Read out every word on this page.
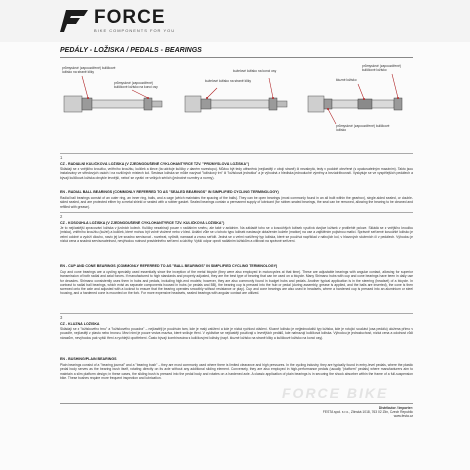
FORCE
BIKE COMPONENTS FOR YOU
PEDÁLY - LOŽISKA / PEDALS - BEARINGS
průmyslové (zapouzdřené) kuličkové ložisko na straně kliky
průmyslové (zapouzdřené) kuličkové ložisko na konci osy
kuželové ložisko na konci osy
kuželové ložisko na straně kliky
průmyslové (zapouzdřené) kuličkové ložisko
kluzné ložisko
průmyslové (zapouzdřené) kuličkové ložisko
1
CZ - RADIÁLNÍ KULIČKOVÁ LOŽISKA (V ZJEDNODUŠENÉ CYKLOHANTÝRCE TZV. "PRŮMYSLOVÁ LOŽISKA")
Skládají se z vnějšího kroužku, vnitřního kroužku, kuliček a klece (ta udržuje kuličky v daném rozestupu). Můžou být tedy utěsněná (nejčastěji v obojí straně) či nezakrytá, tedy v podobě otevřené (s opakovatelným mazáním). Takto jsou instalovány ve středových osách i na rozličných místech kol. Sestava ložiska se může nazývat "ložiskový trn" či "ložisková jednotka" a je výhodná z hlediska jednoduché výměny a bezúdržbovosti. Vyskytuje se ve vyspělejších pedálech a bývají kuličková ložiska obvykle levnější, neboť se vyrábí ve velkých sériích (jednotné rozměry a normy).
EN - RADIAL BALL BEARINGS (COMMONLY REFERRED TO AS "SEALED BEARINGS" IN SIMPLIFIED CYCLING TERMINOLOGY)
Radial ball bearings consist of an outer ring, an inner ring, balls, and a cage (which maintains the spacing of the balls). They can be open bearings (most commonly found in an all built within the gearbox), single-sided sealed, or double-sided sealed, and are protected either by a metal shield or sealed with a rubber gasket. Sealed bearings contain a permanent supply of lubricant (for rubber-sealed bearings, the seal can be removed, allowing the bearing to be cleaned and refilled with grease).
2
CZ - KOSOÚHLÁ LOŽISKA (V ZJEDNODUŠENÉ CYKLOHANTÝRCE TZV. KULIČKOVÁ LOŽISKA")
Je to nejčastější zpracování ložiska v jízdních kolech. Kuličky nezabírají pouze v radiálním směru, ale také v axiálním. Na základě toho se u kosoúhlých ložisek využívá dvojice ložisek v protilehlé poloze. Skládá se z vnějšího kroužku (miska), vnitřního kroužku (kužel) a kuliček, které mohou být volně vložené nebo v kleci. Axiální vůle se u tohoto typu ložisek nastavuje dotažením kužele (matice) na ose a zajištěním pojistnou maticí. Správně seřízené kosoúhlé ložisko je velmi odolné a vydrží dlouho, navíc jej lze snadno servisovat - rozebrat, vyčistit, namazat a znovu seřídit. Jedná se o velmi rozšířený typ ložiska, které se používá například v nábojích kol, v hlavových složeních či v pedálech. Výhodou je nízká cena a snadná servisovatelnost, nevýhodou nutnost pravidelného seřízení a údržby. Vyšší odpor oproti radiálním ložiskům a citlivost na správné seřízení.
EN - CUP AND CONE BEARINGS (COMMONLY REFERRED TO AS "BALL BEARINGS" IN SIMPLIFIED CYCLING TERMINOLOGY)
Cup and cone bearings are a cycling specialty used essentially since the inception of the metal bicycle (they were also employed in motorcycles at that time). These are adjustable bearings with angular contact, allowing for superior transmission of both radial and axial forces. If manufactured to high standards and properly adjusted, they are the best type of bearing that can be used on a bicycle. Many Shimano hubs with cup and cone bearings have been in daily use for decades. Shimano consistently uses them in hubs and pedals, including high-end models; however, they are also commonly found in budget hubs and pedals. Another typical application is in the steering (headset) of a bicycle. In contrast to radial ball bearings, which exist as separate components housed in hubs (or pedals and BB), the bearing cup is pressed into the hub or pedal (during assembly, grease is applied, and the balls are inserted), the cone is then screwed onto the axle and adjusted with a locknut to ensure that the bearing operates smoothly without resistance or play). Cup and cone bearings are also used in headsets, where a hardened cup is pressed into an aluminium or steel housing, and a hardened cone is mounted on the fork. For more expensive headsets, sealed bearings with angular contact are utilized.
3
CZ - KLUZNÁ LOŽISKA
Skládají se z "ložiskového trnu" a "ložiskového pouzdra" – nejčastěji je používán tam, kde je malý zatížení a kde je nízká rychlost otáčení. Kluzné ložisko je nejjednodušší typ ložiska, kde je rotující součást (osa pedálu) uložena přímo v pouzdře, nejčastěji z plastu nebo bronzu. Mezi nimi je pouze vrstva maziva, které snižuje tření. V cyklistice se nejčastěji používají u levnějších pedálů, kde nahrazují kuličková ložiska. Výhodou je jednoduchost, nízká cena a odolnost vůči nárazům, nevýhodou pak vyšší tření a rychlejší opotřebení. Často bývají kombinována s kuličkovými ložisky (např. kluzné ložisko na straně kliky a kuličkové ložisko na konci osy).
EN - BUSHING/PLAIN BEARINGS
Plain bearings consist of a "bearing journal" and a "bearing bush" – they are most commonly used where there is limited clearance and high pressures. In the cycling industry, they are typically found in entry-level pedals, where the plastic pedal body serves as the bearing bush itself, rotating directly on its axle without any additional sliding element. Conversely, they are also employed in high-performance pedals (usually "platform" pedals) where manufacturers aim to maintain a slim platform design; in these cases, the sliding bush is pressed into the pedal body and rotates on a hardened axle. A classic application of plain bearings is in securing the shock absorber within the frame of a full-suspension bike. These bushes require more frequent inspection and lubrication.
FORCE BIKE
Distributor / Importer:
FESTA spol. s r.o., Zlínská 1018, 763 02 Zlín, Czech Republic
www.festa.cz
